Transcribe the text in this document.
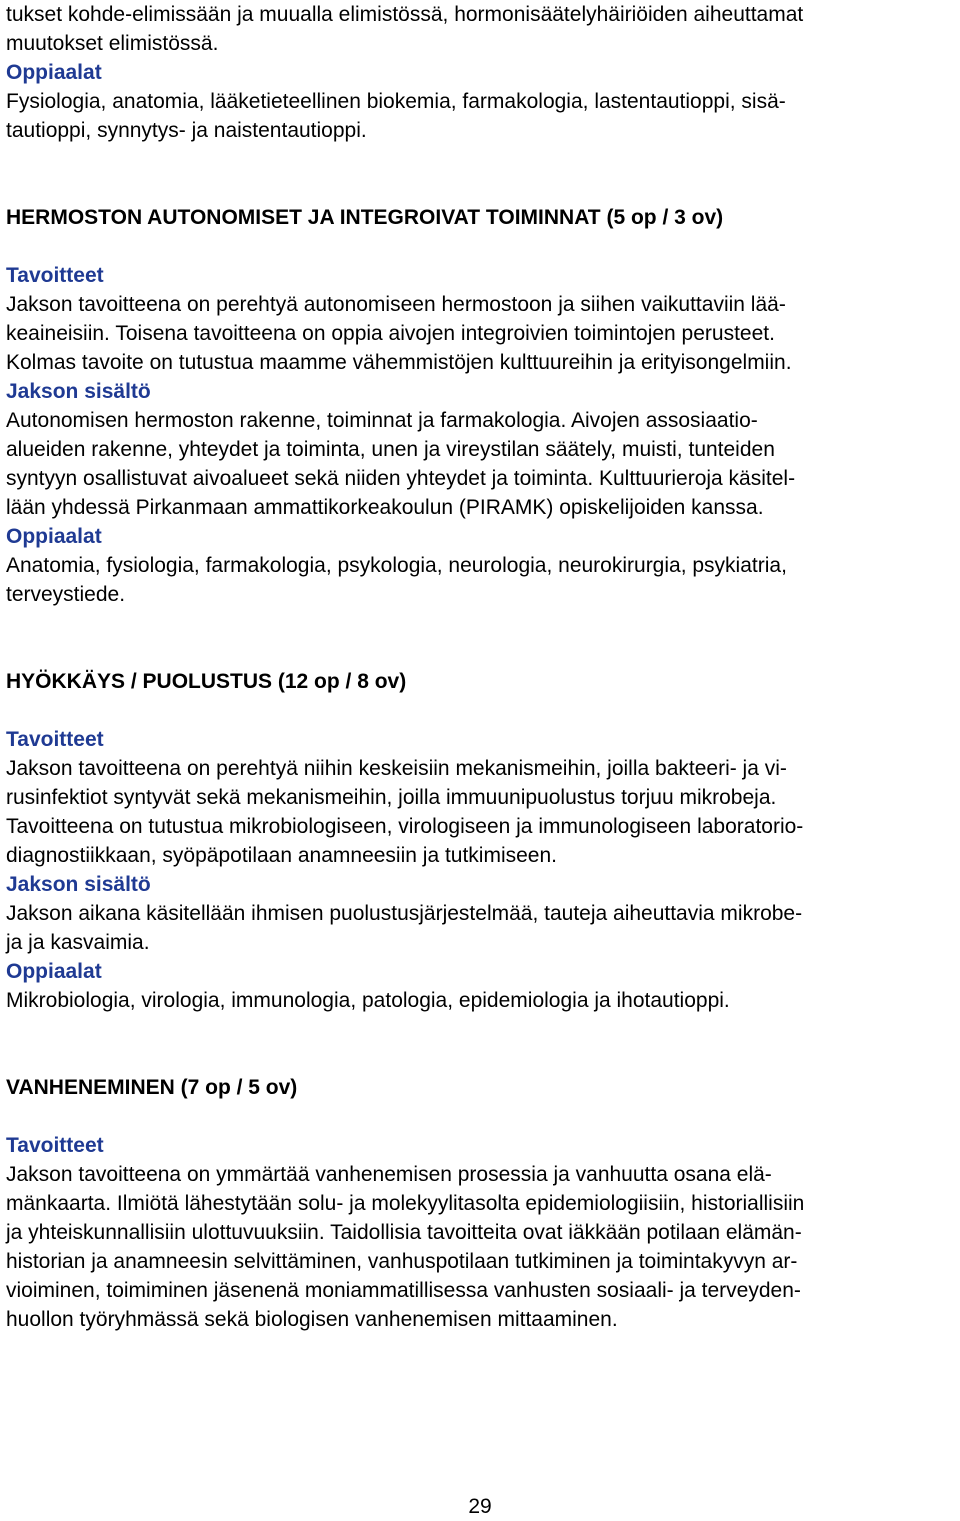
tukset kohde-elimissään ja muualla elimistössä, hormonisäätelyhäiriöiden aiheuttamat
muutokset elimistössä.
Oppiaalat
Fysiologia, anatomia, lääketieteellinen biokemia, farmakologia, lastentautioppi, sisä-
tautioppi, synnytys- ja naistentautioppi.
HERMOSTON AUTONOMISET JA INTEGROIVAT TOIMINNAT (5 op / 3 ov)
Tavoitteet
Jakson tavoitteena on perehtyä autonomiseen hermostoon ja siihen vaikuttaviin lää-
keaineisiin. Toisena tavoitteena on oppia aivojen integroivien toimintojen perusteet.
Kolmas tavoite on tutustua maamme vähemmistöjen kulttuureihin ja erityisongelmiin.
Jakson sisältö
Autonomisen hermoston rakenne, toiminnat ja farmakologia. Aivojen assosiaatio-
alueiden rakenne, yhteydet ja toiminta, unen ja vireystilan säätely, muisti, tunteiden
syntyyn osallistuvat aivoalueet sekä niiden yhteydet ja toiminta. Kulttuurieroja käsitel-
lään yhdessä Pirkanmaan ammattikorkeakoulun (PIRAMK) opiskelijoiden kanssa.
Oppiaalat
Anatomia, fysiologia, farmakologia, psykologia, neurologia, neurokirurgia, psykiatria,
terveystiede.
HYÖKKÄYS / PUOLUSTUS (12 op / 8 ov)
Tavoitteet
Jakson tavoitteena on perehtyä niihin keskeisiin mekanismeihin, joilla bakteeri- ja vi-
rusinfektiot syntyvät sekä mekanismeihin, joilla immuunipuolustus torjuu mikrobeja.
Tavoitteena on tutustua mikrobiologiseen, virologiseen ja immunologiseen laboratorio-
diagnostiikkaan, syöpäpotilaan anamneesiin ja tutkimiseen.
Jakson sisältö
Jakson aikana käsitellään ihmisen puolustusjärjestelmää, tauteja aiheuttavia mikrobe-
ja ja kasvaimia.
Oppiaalat
Mikrobiologia, virologia, immunologia, patologia, epidemiologia ja ihotautioppi.
VANHENEMINEN (7 op / 5 ov)
Tavoitteet
Jakson tavoitteena on ymmärtää vanhenemisen prosessia ja vanhuutta osana elä-
mänkaarta. Ilmiötä lähestytään solu- ja molekyylitasolta epidemiologiisiin, historiallisiin
ja yhteiskunnallisiin ulottuvuuksiin. Taidollisia tavoitteita ovat iäkkään potilaan elämän-
historian ja anamneesin selvittäminen, vanhuspotilaan tutkiminen ja toimintakyvyn ar-
vioiminen, toimiminen jäsenenä moniammatillisessa vanhusten sosiaali- ja terveyden-
huollon työryhmässä sekä biologisen vanhenemisen mittaaminen.
29
